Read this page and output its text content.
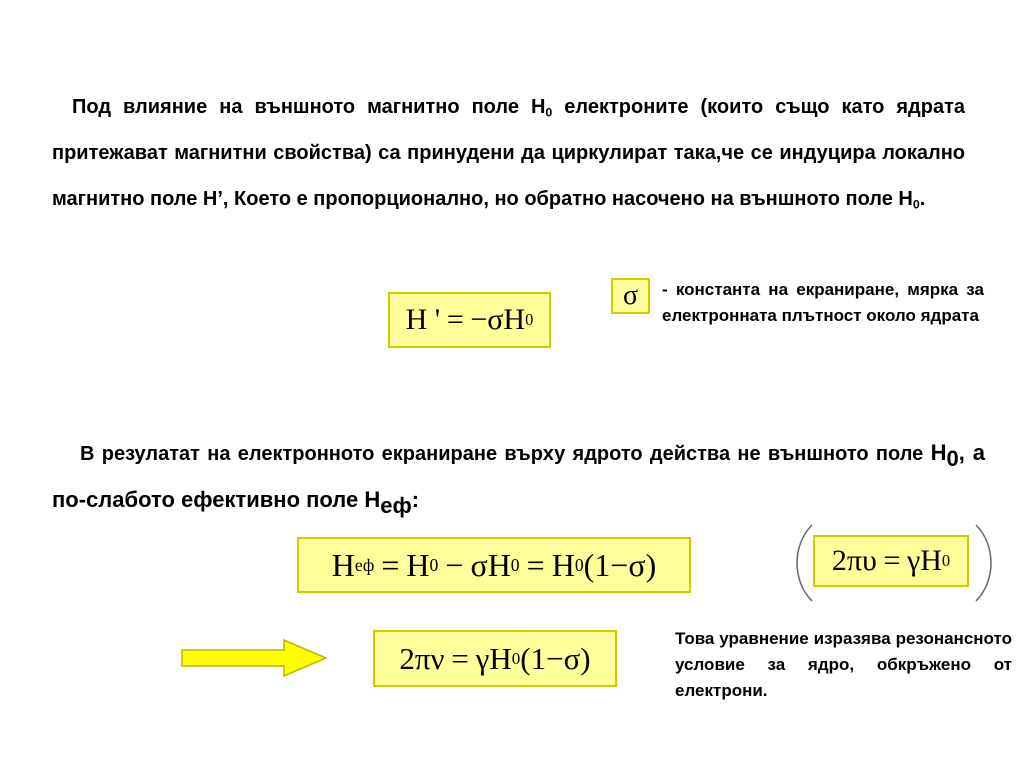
Под влияние на външното магнитно поле $Н_0$ електроните (които също като ядрата притежават магнитни свойства) са принудени да циркулират така,че се индуцира локално магнитно поле Н’, Което е пропорционално, но обратно насочено на външното поле $Н_0$.
H ' = −σH 0
σ - константа на екраниране, мярка за електронната плътност около ядрата
В резулатат на електронното екраниране върху ядрото действа не външното поле $Н_0$, а по-слабото ефективно поле $Н_{еф}$:
H еф = H 0 − σH 0 = H 0 (1−σ)	2πυ = γH 0
2πν = γH 0 (1−σ)
Това уравнение изразява резонансното условие за ядро, обкръжено от електрони.
